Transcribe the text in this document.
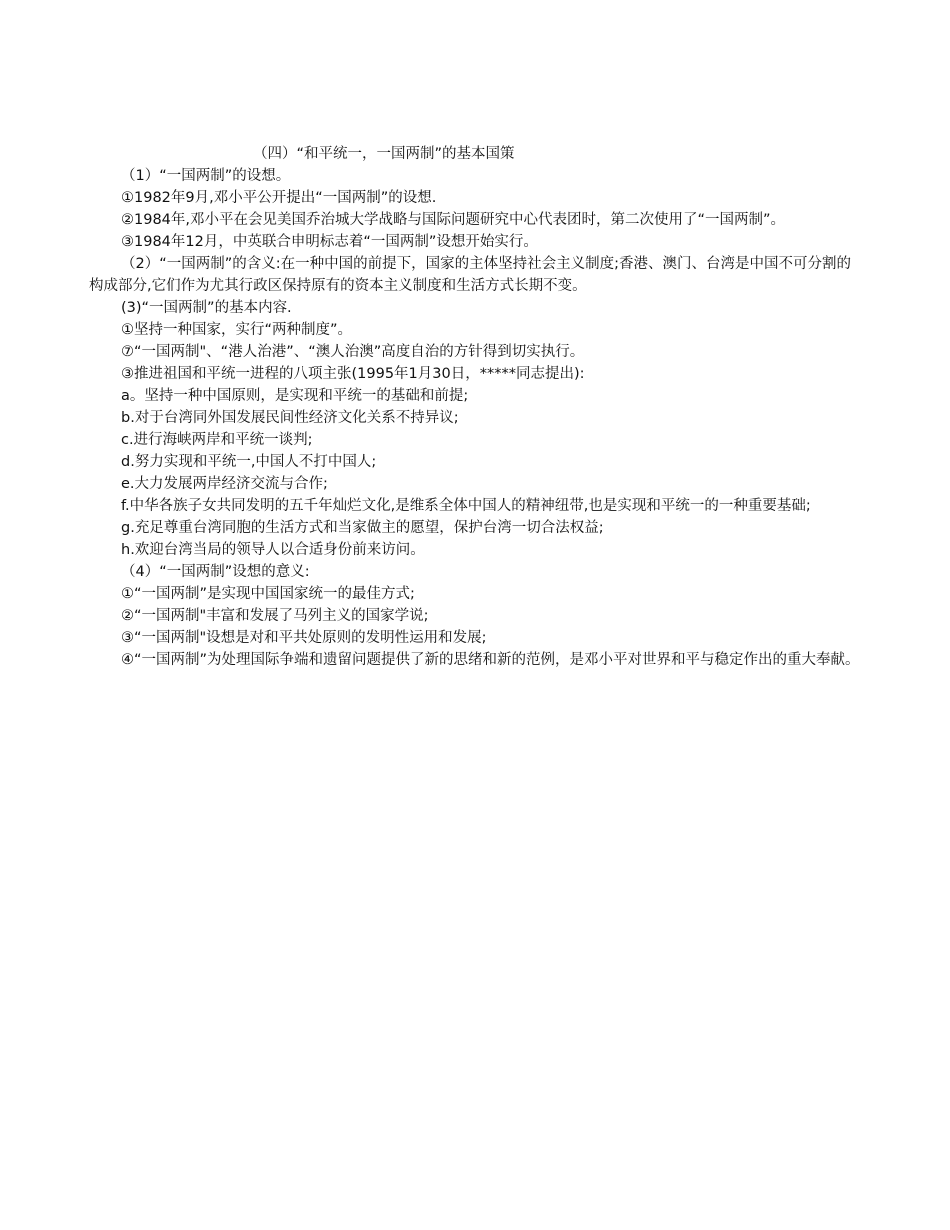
（四）“和平统一，一国两制”的基本国策

（1）“一国两制”的设想。

①1982年9月,邓小平公开提出“一国两制”的设想.

②1984年,邓小平在会见美国乔治城大学战略与国际问题研究中心代表团时，第二次使用了“一国两制”。

③1984年12月，中英联合申明标志着“一国两制”设想开始实行。

（2）“一国两制”的含义:在一种中国的前提下，国家的主体坚持社会主义制度;香港、澳门、台湾是中国不可分割的构成部分,它们作为尤其行政区保持原有的资本主义制度和生活方式长期不变。

(3)“一国两制”的基本内容.

①坚持一种国家，实行“两种制度”。

⑦“一国两制"、“港人治港”、“澳人治澳”高度自治的方针得到切实执行。

③推进祖国和平统一进程的八项主张(1995年1月30日，*****同志提出):

a。坚持一种中国原则，是实现和平统一的基础和前提;

b.对于台湾同外国发展民间性经济文化关系不持异议;

c.进行海峡两岸和平统一谈判;

d.努力实现和平统一,中国人不打中国人;

e.大力发展两岸经济交流与合作;

f.中华各族子女共同发明的五千年灿烂文化,是维系全体中国人的精神纽带,也是实现和平统一的一种重要基础;

g.充足尊重台湾同胞的生活方式和当家做主的愿望，保护台湾一切合法权益;

h.欢迎台湾当局的领导人以合适身份前来访问。

（4）“一国两制”设想的意义:

①“一国两制”是实现中国国家统一的最佳方式;

②“一国两制"丰富和发展了马列主义的国家学说;

③“一国两制"设想是对和平共处原则的发明性运用和发展;

④“一国两制”为处理国际争端和遗留问题提供了新的思绪和新的范例，是邓小平对世界和平与稳定作出的重大奉献。
